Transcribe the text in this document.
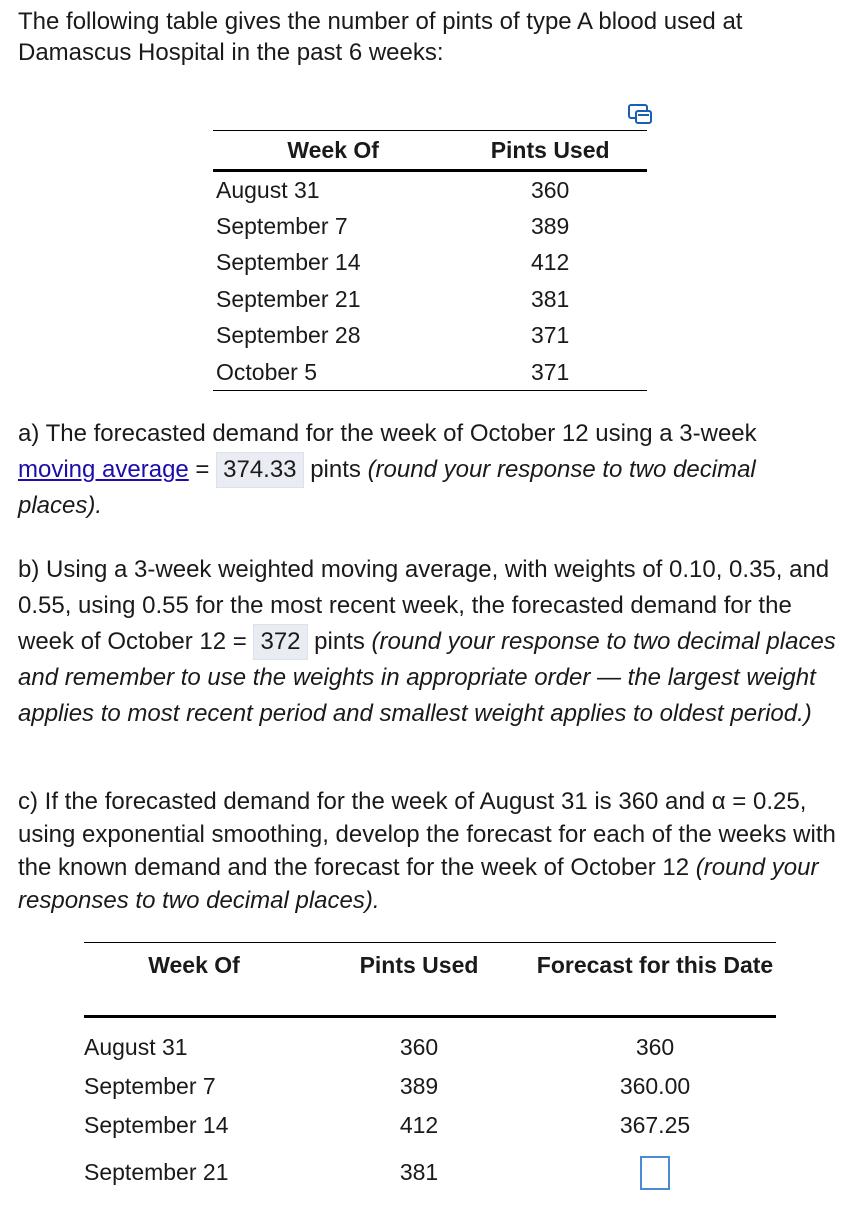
The following table gives the number of pints of type A blood used at Damascus Hospital in the past 6 weeks:
Week Of	Pints Used
August 31	360
September 7	389
September 14	412
September 21	381
September 28	371
October 5	371
a) The forecasted demand for the week of October 12 using a 3-week moving average = 374.33 pints (round your response to two decimal places).
b) Using a 3-week weighted moving average, with weights of 0.10, 0.35, and 0.55, using 0.55 for the most recent week, the forecasted demand for the week of October 12 = 372 pints (round your response to two decimal places and remember to use the weights in appropriate order — the largest weight applies to most recent period and smallest weight applies to oldest period.)
c) If the forecasted demand for the week of August 31 is 360 and α = 0.25, using exponential smoothing, develop the forecast for each of the weeks with the known demand and the forecast for the week of October 12 (round your responses to two decimal places).
Week Of	Pints Used	Forecast for this Date
August 31	360	360
September 7	389	360.00
September 14	412	367.25
September 21	381	
